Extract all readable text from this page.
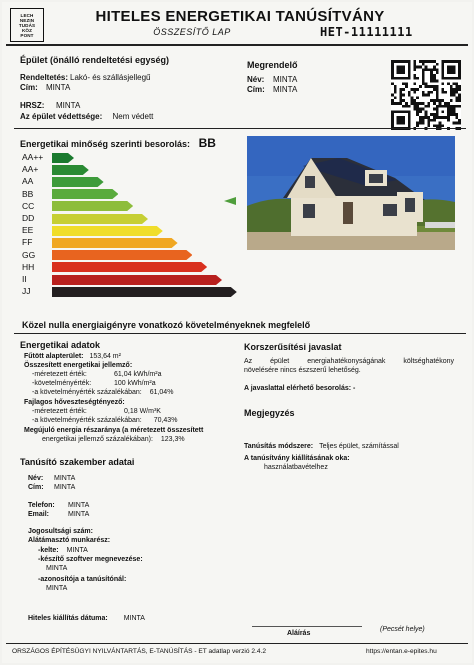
LECH
NEZIN
TUDÁS
KÖZ
PONT
HITELES ENERGETIKAI TANÚSÍTVÁNY
ÖSSZESÍTŐ LAP	HET-11111111
Épület (önálló rendeltetési egység)
Rendeltetés: Lakó- és szállásjellegű
Cím: MINTA
HRSZ: MINTA
Az épület védettsége: Nem védett
Megrendelő
Név: MINTA
Cím: MINTA
Energetikai minőség szerinti besorolás: BB
AA++
AA+
AA
BB
CC
DD
EE
FF
GG
HH
II
JJ
Közel nulla energiaigényre vonatkozó követelményeknek megfelelő
Energetikai adatok
Fűtött alapterület: 153,64 m²
Összesített energetikai jellemző:
-méretezett érték:	61,04 kWh/m²a
-követelményérték:	100 kWh/m²a
-a követelményérték százalékában: 61,04%
Fajlagos hőveszteségtényező:
-méretezett érték:	0,18 W/m³K
-a követelményérték százalékában: 70,43%
Megújuló energia részaránya (a méretezett összesített
energetikai jellemző százalékában): 123,3%
Korszerűsítési javaslat
Az épület energiahatékonyságának költséghatékony
növelésére nincs észszerű lehetőség.
A javaslattal elérhető besorolás: -
Megjegyzés
Tanúsítás módszere: Teljes épület, számítással
A tanúsítvány kiállításának oka:
használatbavételhez
Tanúsító szakember adatai
Név: MINTA
Cím: MINTA
Telefon: MINTA
Email:	MINTA
Jogosultsági szám:
Alátámasztó munkarész:
-kelte: MINTA
-készítő szoftver megnevezése:
MINTA
-azonosítója a tanúsítónál:
MINTA
Hiteles kiállítás dátuma: MINTA
Aláírás
(Pecsét helye)
ORSZÁGOS ÉPÍTÉSÜGYI NYILVÁNTARTÁS, E-TANÚSÍTÁS - ET adatlap verzió 2.4.2	https://entan.e-epites.hu
